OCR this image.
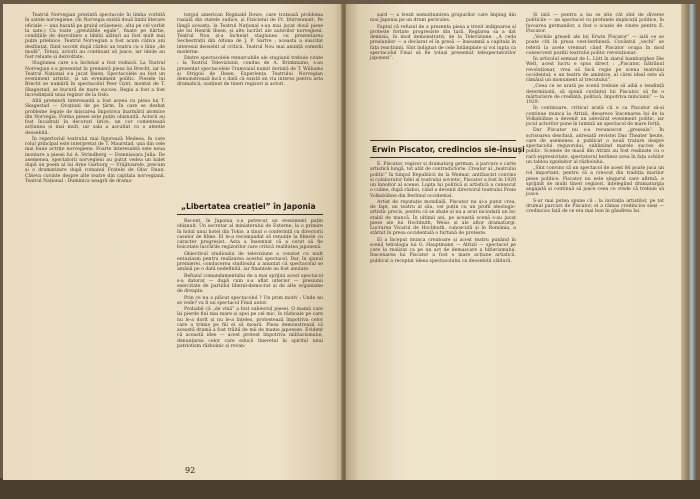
Teatrul Norvegian prezintă spectacole în limba vorbită în satele norvegiene. (În Norvegia există două limbi literare oficiale — una bazată pe graiul orășenesc, alta pe cel vorbit la sate.) Cu toate „greutățile egale”, fixate pe hârtie, condițiile de dezvoltare a limbii alături au fost mult mai puțin prielnice. Teatrul Norvegian a fost acum câțiva ani desființat, fiind socotit după război un teatru cu o linie „de modă”. Totuși, actorii au continuat să joace, iar ideile au fost reluate și dezvoltate.

Stagiunea care s-a încheiat a fost rodnică. La Teatrul Norvegian s-a prezentat în premieră piesa lui Brecht, iar la Teatrul Național s-a jucat Ibsen. Spectacolele au fost un eveniment artistic, și un eveniment politic. Piesele lui Brecht se numără în spectacolul Peer Gynt, montat de T. Skagestad, se bucură de mare succes. Regia a fost a fost încredințată unui regizor de la Oslo.

Altă premieră interesantă a fost aceea cu piesa lui T. Skagestad — Ovațiuni de pe țărm. În care se dezbat probleme legate de mișcarea împotriva înarmării atomice din Norvegia. Forma piesei este puțin obișnuită. Actorii au fost încadrați în decoruri lirice, un cor comentează acțiunea și mai mult, iar sala a ascultat cu o atenție deosebită.

În repertoriul teatrului mai figurează Medeea, în care rolul principal este interpretat de T. Maurstad, una din cele mai bune actrițe norvegiene. Foarte interesantă este noua montare a piesei lui A. Strindberg — Domnișoara Julia. De asemenea, spectatorii norvegieni au putut vedea un balet după un poem al lui Arne Garborg — Vrăjitoarele, precum și o dramatizare după romanul Fratele de Olav Duun. Câteva cuvinte despre alte teatre din capitala norvegiană. Teatrul Național : Duminica neagră de drama-

turgul american Reginald Rowe, care tratează problema rasială din statele sudice, și Fizicienii de Fr. Dürrenmatt. Pe lângă aceasta, la Teatrul Național s-au mai jucat două piese ale lui Henrik Ibsen, și alte lucrări ale autorilor norvegieni. Teatrul Nou și-a încheiat stagiunea cu prezentarea Sechestrații din Altona de J. P. Sartre ; aceasta a suscitat interesul deosebit al criticii. Teatrul Nou mai anunță comedii moderne.

Dintre spectacolele remarcabile ale stagiunii trebuie citate : la Teatrul Televiziunii, condus de A. Brinkmann, s-au prezentat spectacolele Tramvaiul numit dorință de T. Williams și Strigoii de Ibsen. Experiența Teatrului Norvegian demonstrează încă o dată că există un viu interes pentru arta dramatică, susținut de tineri regizori și actori.

„Libertatea creației” în Japonia

Recent, în Japonia s-a petrecut un eveniment puțin obișnuit. Un secretar al ministerului de Externe, la o primire în holul unui hotel din Tokio, a ținut o conferință cu directorii caselor de filme. El le-a recomandat să renunțe la filmele cu caracter progresist. Asta a însemnat că a cerut să fie boicotate lucrările regizorilor care critică realitatea japoneză.

Obiectivul studioului de televiziune a constat cu mult entuziasm pentru realizarea acestui spectacol. Dar, în ajunul premierei, conducerea studioului a anunțat că spectacolul se amână pe o dată nedefinită, iar finanțele au fost anulate.

Refuzul comandamentului de a mai sprijini acest spectacol s-a datorat — după cum s-a aflat ulterior — presiunii exercitate de partidul liberal-democrat și de alte organisme de dreapta.

Prin ce nu a plăcut spectacolul ? Un prim motiv : Unde nu se vede? va fi un spectacol Final autor.

Probabil că „de vină” a fost subiectul piesei. O mamă care își pierde fiul mai mare și apoi pe cel mic, în războaie pe care nu le-a dorit și nu le-a înțeles, protestează împotriva celor care a trimis pe fiii ei să moară. Piesa demonstrează că această dramă a fost trăită de mii de mame japoneze. Evident că această idee — acest protest împotriva militarismului, denunțarea celor care educă tineretul în spiritul unui patriotism războinic și revan-

92

șard — a trezit nemulțumirea grupurilor care împing din nou Japonia pe un drum periculos.

Faptul că refuzul de a prezenta piesa a trezit indignarea și proteste forțate progresiste din țară. Reglarea sa a dat demisia, în mod demonstrativ, de la Televiziune. „A ceda presiunilor — a declarat el în presă — înseamnă a capitula în fața reacțiunii. Sînt îndignat de cele întâmplate și voi lupta ca spectacolul Final să fie totuși prezentat telespectatorilor japonezi”.

Erwin Piscator, credincios sie-însuși

E. Piscator, regizor și dramaturg german, a parcurs o carte artistică lungă, tot atât de contradictorie. Creator al „teatrului politic” în timpul Republicii de la Weimar, antifascist convins și colaborator fidel al teatrului sovietic, Piscator a fost în 1920 un înnoitor al scenei. Lupta lui politică și artistică a cunoscut o culme, după război, când a devenit directorul teatrului Freie Volksbühne din Berlinul occidental.

Artist de reputație mondială, Piscator nu și-a putut crea, de fapt, un teatru al său, cel puțin cu un profil ideologic-artistic precis, pentru că se zbate și nu a avut niciodată un loc stabil de muncă. În ultimii ani, pe această scenă s-au jucat piese ale lui Hochhuth, Weiss și ale altor dramaturgi. Lucrarea Vicarul de Hochhuth, cunoscută și în România, a stârnit în presa occidentală o furtună de proteste.

El a început munca creatoare și acest teatru punând în scenă tetralogia lui G. Hauptmann — Atrizii — spectacol pe care la realizat ca pe un act de demascare a hitlerismului. Înscenarea lui Piscator a fost o mare acțiune artistică, publicul a receptat ideea spectacolului cu deosebită căldură.

Și iată — pentru a nu se știe cât sînt de diverse politicile — un spectacol cu profunde implicații politice, în favoarea germanilor, a fost o ocazie de cinste pentru E. Piscator.

„Vechile greșeli ale lui Erwin Piscator” — iată ce se poate citi în presa vest-berlineză. Cuvântul „vechi” se referă la acele vremuri când Piscator ocupa în mod consecvent poziții teatrului politic revoluționar.

În articolul semnat de L. Lütt în ziarul hamburghez Die Welt, acest lucru e spus direct : „Piscator, bătrânul revoluționar, vrea să facă regie pe scena teatrului occidental; e un teatru de amintire, al cărei ideal este să rămână un monument al trecutului”.

„Ceea ce se arată pe scenă trebuie să aibă o tendință determinată, să spună cuvântul lui Piscator, să fie o mărturisire de credință, politică, împotriva minciunii” — la 1929.

În continuare, criticul arată că e ca Piscator să-și continue munca la Atrizii, deoarece înscenarea lui de la Volksbühne a devenit un adevărat eveniment politic, iar jocul actorilor pune în lumină un spectacol de mare forță.

Dar Piscator nu s-a recunoscut „greșeala”. În scrisoarea deschisă, adresată revistei Das Theater heute, care de asemenea a publicat o nouă tratare despre spectacolul regizorului, subliniind marele succes de public. Scenele de masă din Atrizii au fost realizate cu o rară expresivitate, spectatorul berlinez avea în fața ochilor un tablou zguduitor al războiului.

„Sînt convins că un spectacol de acest fel poate juca un rol important, pentru că a crescut din tradiția marilor piese politice. Piscator nu este singurul care afirmă, e sprijinit de mulți tineri regizori, înțelegând dramaturgia angajată și continuă să joace ceea ce crede că trebuie să joace.

S-ar mai putea spune că : la invitația artiștilor, pe tot drumul parcurs de Piscator, el a rămas credincios sieși — credincios față de ce era mai bun în gândirea lui.
